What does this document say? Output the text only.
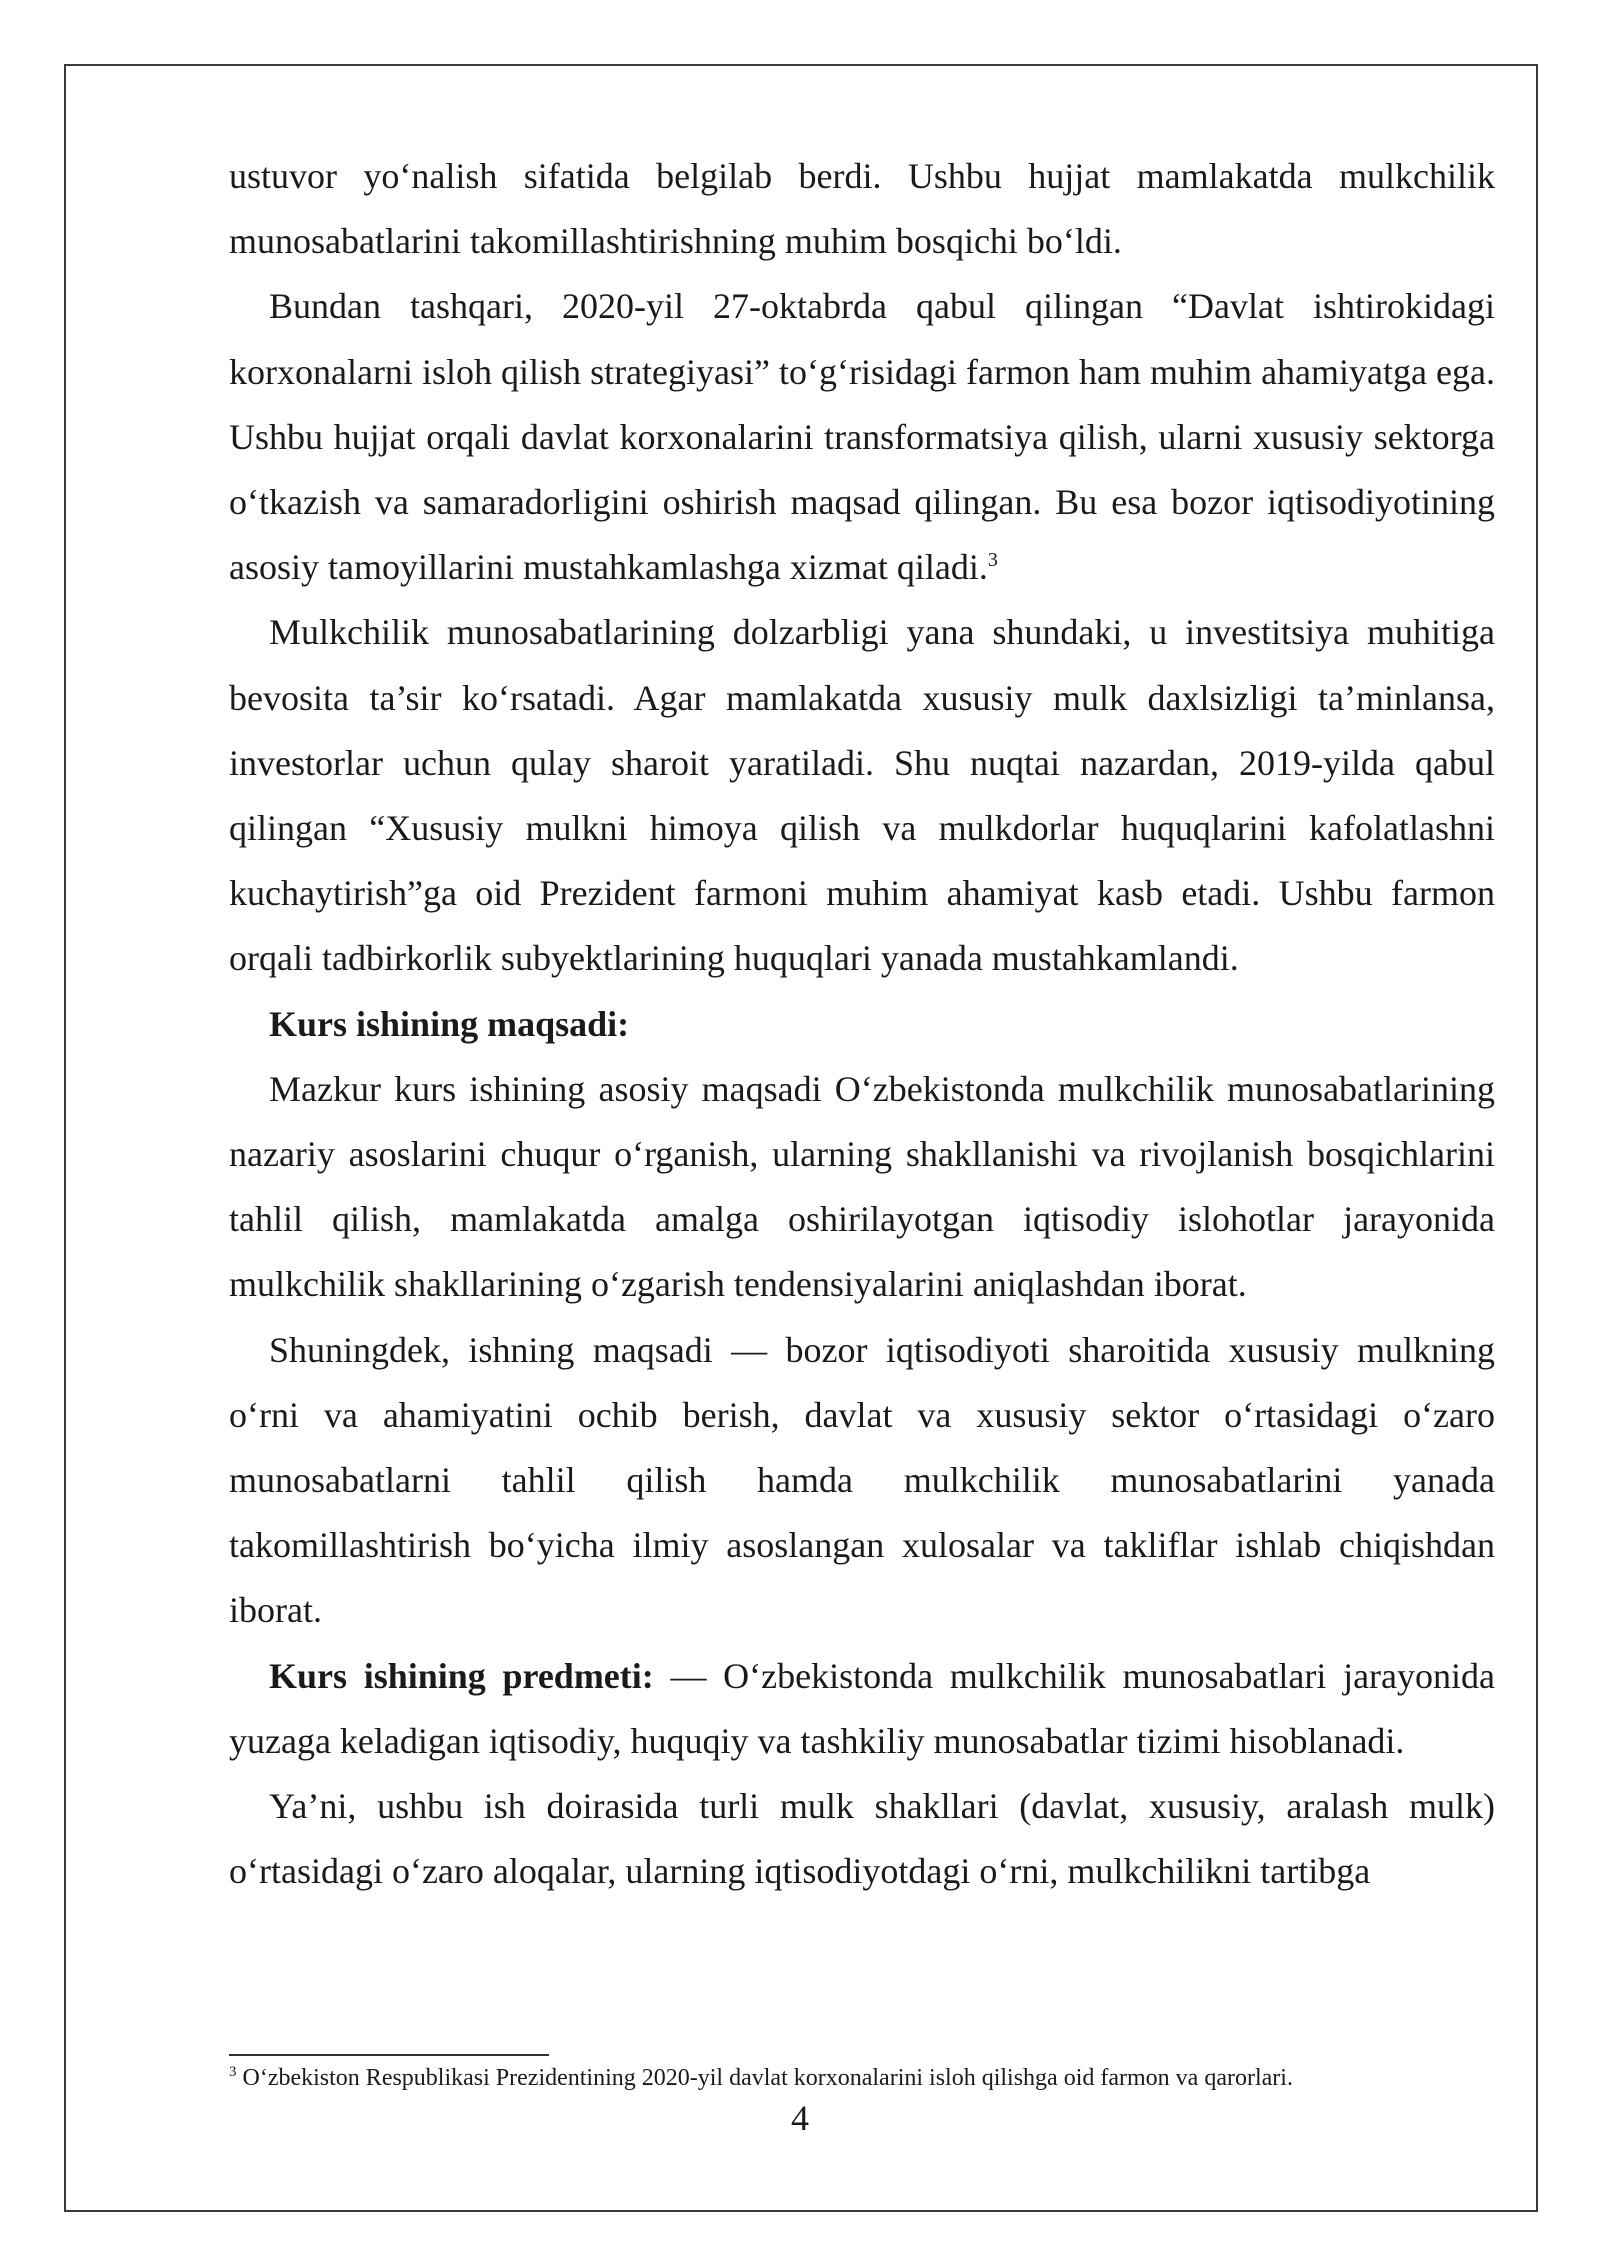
ustuvor yo‘nalish sifatida belgilab berdi. Ushbu hujjat mamlakatda mulkchilik munosabatlarini takomillashtirishning muhim bosqichi bo‘ldi.

Bundan tashqari, 2020-yil 27-oktabrda qabul qilingan “Davlat ishtirokidagi korxonalarni isloh qilish strategiyasi” to‘g‘risidagi farmon ham muhim ahamiyatga ega. Ushbu hujjat orqali davlat korxonalarini transformatsiya qilish, ularni xususiy sektorga o‘tkazish va samaradorligini oshirish maqsad qilingan. Bu esa bozor iqtisodiyotining asosiy tamoyillarini mustahkamlashga xizmat qiladi.$^3$

Mulkchilik munosabatlarining dolzarbligi yana shundaki, u investitsiya muhitiga bevosita ta’sir ko‘rsatadi. Agar mamlakatda xususiy mulk daxlsizligi ta’minlansa, investorlar uchun qulay sharoit yaratiladi. Shu nuqtai nazardan, 2019-yilda qabul qilingan “Xususiy mulkni himoya qilish va mulkdorlar huquqlarini kafolatlashni kuchaytirish”ga oid Prezident farmoni muhim ahamiyat kasb etadi. Ushbu farmon orqali tadbirkorlik subyektlarining huquqlari yanada mustahkamlandi.

Kurs ishining maqsadi:

Mazkur kurs ishining asosiy maqsadi O‘zbekistonda mulkchilik munosabatlarining nazariy asoslarini chuqur o‘rganish, ularning shakllanishi va rivojlanish bosqichlarini tahlil qilish, mamlakatda amalga oshirilayotgan iqtisodiy islohotlar jarayonida mulkchilik shakllarining o‘zgarish tendensiyalarini aniqlashdan iborat.

Shuningdek, ishning maqsadi — bozor iqtisodiyoti sharoitida xususiy mulkning o‘rni va ahamiyatini ochib berish, davlat va xususiy sektor o‘rtasidagi o‘zaro munosabatlarni tahlil qilish hamda mulkchilik munosabatlarini yanada takomillashtirish bo‘yicha ilmiy asoslangan xulosalar va takliflar ishlab chiqishdan iborat.

Kurs ishining predmeti: — O‘zbekistonda mulkchilik munosabatlari jarayonida yuzaga keladigan iqtisodiy, huquqiy va tashkiliy munosabatlar tizimi hisoblanadi.

Ya’ni, ushbu ish doirasida turli mulk shakllari (davlat, xususiy, aralash mulk) o‘rtasidagi o‘zaro aloqalar, ularning iqtisodiyotdagi o‘rni, mulkchilikni tartibga

$^3$ O‘zbekiston Respublikasi Prezidentining 2020-yil davlat korxonalarini isloh qilishga oid farmon va qarorlari.

4
